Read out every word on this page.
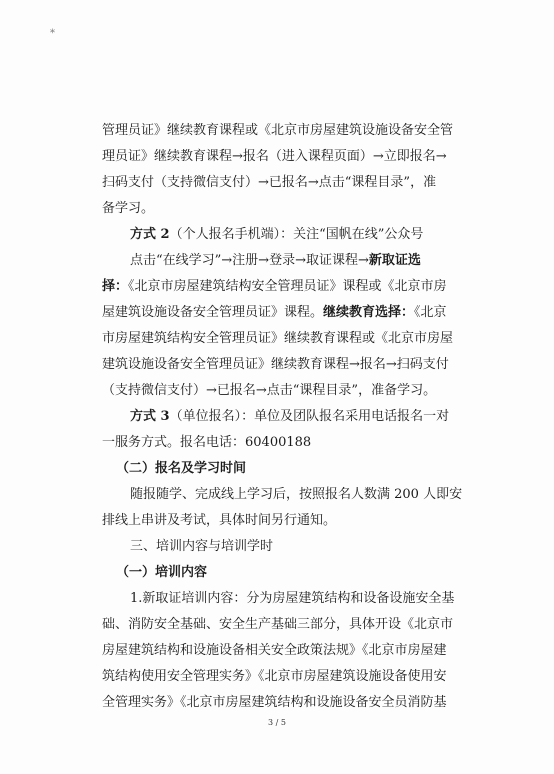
*
管理员证》继续教育课程或《北京市房屋建筑设施设备安全管
理员证》继续教育课程→报名（进入课程页面）→立即报名→
扫码支付（支持微信支付）→已报名→点击“课程目录”，准
备学习。
方式 2（个人报名手机端）：关注“国帆在线”公众号
点击“在线学习”→注册→登录→取证课程→新取证选
择：《北京市房屋建筑结构安全管理员证》课程或《北京市房
屋建筑设施设备安全管理员证》课程。继续教育选择：《北京
市房屋建筑结构安全管理员证》继续教育课程或《北京市房屋
建筑设施设备安全管理员证》继续教育课程→报名→扫码支付
（支持微信支付）→已报名→点击“课程目录”，准备学习。
方式 3（单位报名）：单位及团队报名采用电话报名一对
一服务方式。报名电话：60400188
（二）报名及学习时间
随报随学、完成线上学习后，按照报名人数满 200 人即安
排线上串讲及考试，具体时间另行通知。
三、培训内容与培训学时
（一）培训内容
1.新取证培训内容：分为房屋建筑结构和设备设施安全基
础、消防安全基础、安全生产基础三部分，具体开设《北京市
房屋建筑结构和设施设备相关安全政策法规》《北京市房屋建
筑结构使用安全管理实务》《北京市房屋建筑设施设备使用安
全管理实务》《北京市房屋建筑结构和设施设备安全员消防基
3 / 5
